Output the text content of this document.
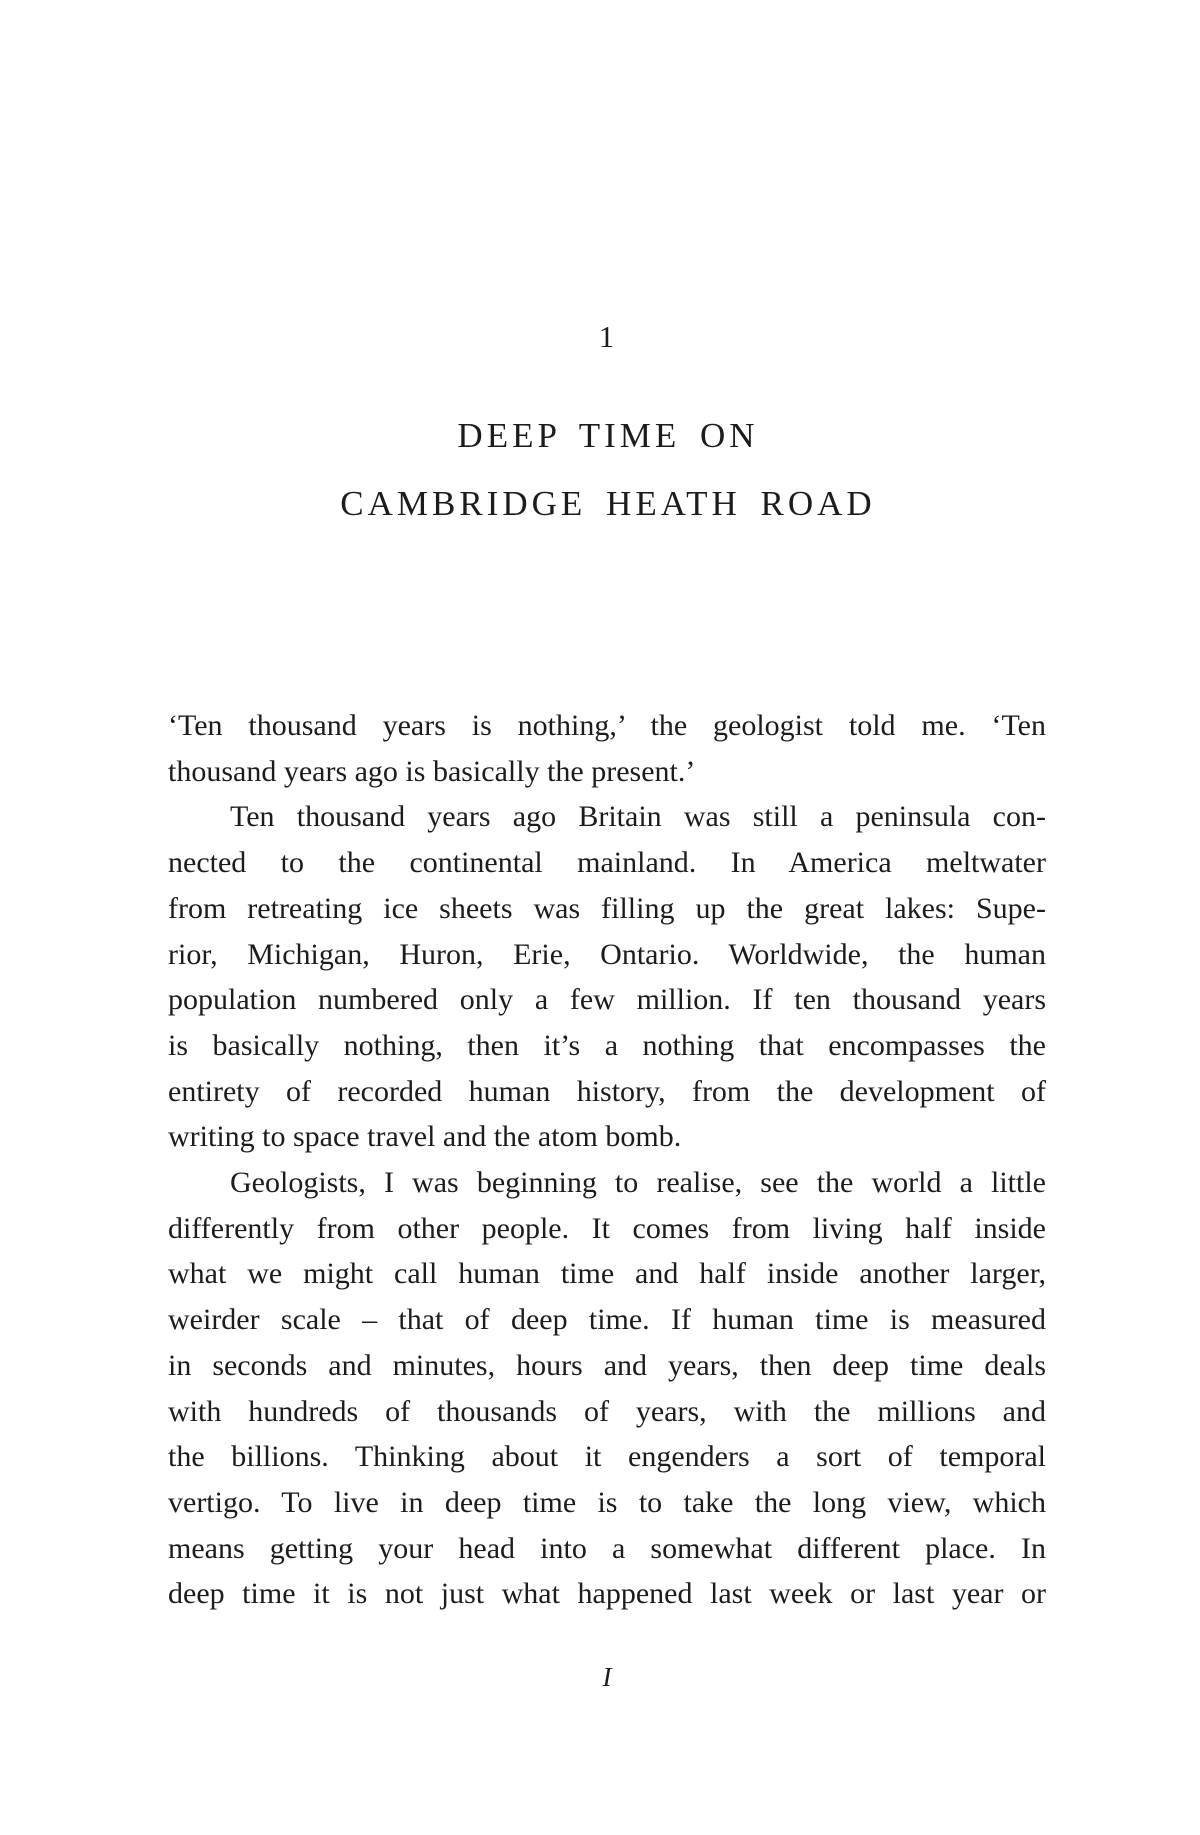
1
DEEP TIME ON
CAMBRIDGE HEATH ROAD
‘Ten thousand years is nothing,’ the geologist told me. ‘Ten
thousand years ago is basically the present.’
Ten thousand years ago Britain was still a peninsula con-
nected to the continental mainland. In America meltwater
from retreating ice sheets was filling up the great lakes: Supe-
rior, Michigan, Huron, Erie, Ontario. Worldwide, the human
population numbered only a few million. If ten thousand years
is basically nothing, then it’s a nothing that encompasses the
entirety of recorded human history, from the development of
writing to space travel and the atom bomb.
Geologists, I was beginning to realise, see the world a little
differently from other people. It comes from living half inside
what we might call human time and half inside another larger,
weirder scale – that of deep time. If human time is measured
in seconds and minutes, hours and years, then deep time deals
with hundreds of thousands of years, with the millions and
the billions. Thinking about it engenders a sort of temporal
vertigo. To live in deep time is to take the long view, which
means getting your head into a somewhat different place. In
deep time it is not just what happened last week or last year or
I
